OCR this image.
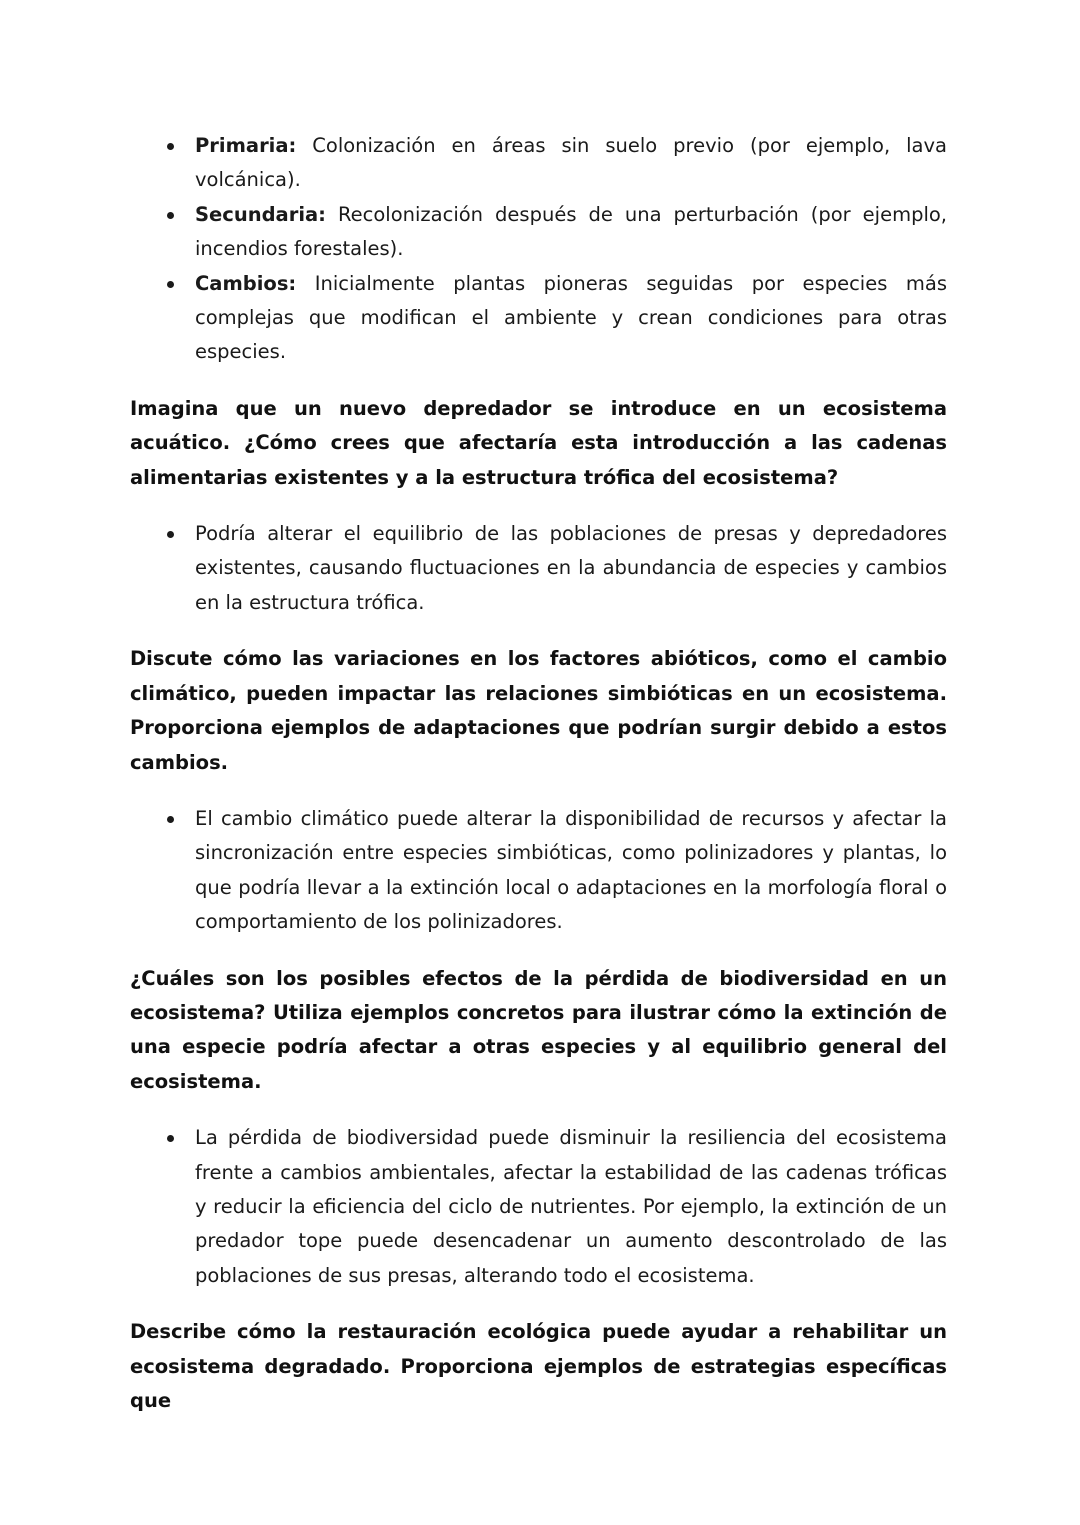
Primaria: Colonización en áreas sin suelo previo (por ejemplo, lava volcánica).
Secundaria: Recolonización después de una perturbación (por ejemplo, incendios forestales).
Cambios: Inicialmente plantas pioneras seguidas por especies más complejas que modifican el ambiente y crean condiciones para otras especies.

Imagina que un nuevo depredador se introduce en un ecosistema acuático. ¿Cómo crees que afectaría esta introducción a las cadenas alimentarias existentes y a la estructura trófica del ecosistema?

Podría alterar el equilibrio de las poblaciones de presas y depredadores existentes, causando fluctuaciones en la abundancia de especies y cambios en la estructura trófica.

Discute cómo las variaciones en los factores abióticos, como el cambio climático, pueden impactar las relaciones simbióticas en un ecosistema. Proporciona ejemplos de adaptaciones que podrían surgir debido a estos cambios.

El cambio climático puede alterar la disponibilidad de recursos y afectar la sincronización entre especies simbióticas, como polinizadores y plantas, lo que podría llevar a la extinción local o adaptaciones en la morfología floral o comportamiento de los polinizadores.

¿Cuáles son los posibles efectos de la pérdida de biodiversidad en un ecosistema? Utiliza ejemplos concretos para ilustrar cómo la extinción de una especie podría afectar a otras especies y al equilibrio general del ecosistema.

La pérdida de biodiversidad puede disminuir la resiliencia del ecosistema frente a cambios ambientales, afectar la estabilidad de las cadenas tróficas y reducir la eficiencia del ciclo de nutrientes. Por ejemplo, la extinción de un predador tope puede desencadenar un aumento descontrolado de las poblaciones de sus presas, alterando todo el ecosistema.

Describe cómo la restauración ecológica puede ayudar a rehabilitar un ecosistema degradado. Proporciona ejemplos de estrategias específicas que
